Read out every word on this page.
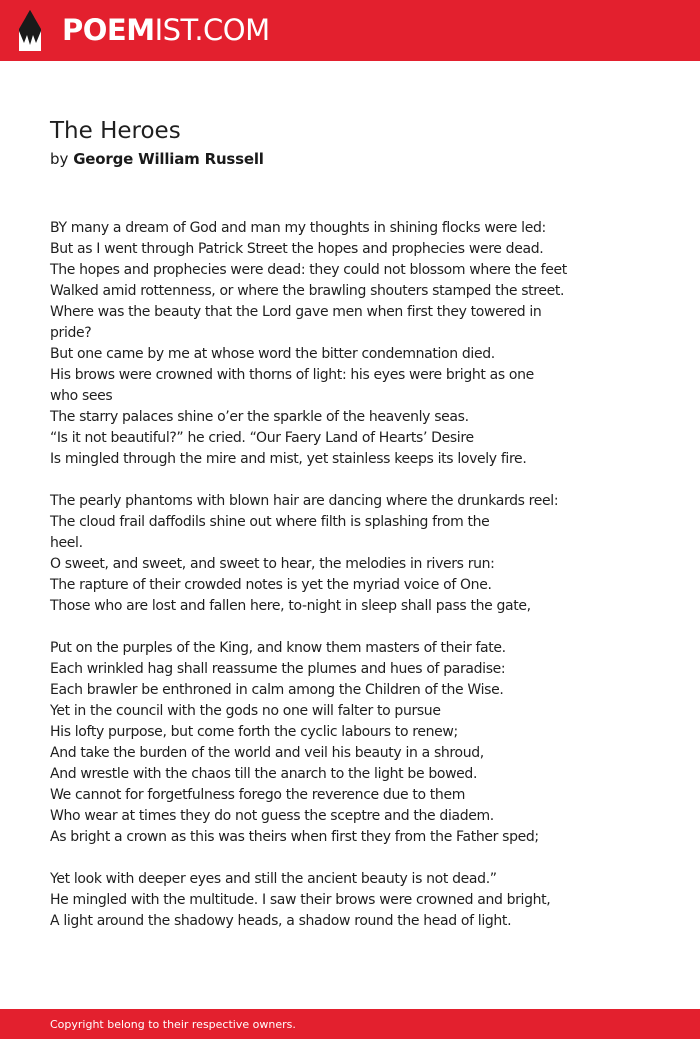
POEMIST.COM
The Heroes
by George William Russell
BY many a dream of God and man my thoughts in shining flocks were led:
But as I went through Patrick Street the hopes and prophecies were dead.
The hopes and prophecies were dead: they could not blossom where the feet
Walked amid rottenness, or where the brawling shouters stamped the street.
Where was the beauty that the Lord gave men when first they towered in
pride?
But one came by me at whose word the bitter condemnation died.
His brows were crowned with thorns of light: his eyes were bright as one
who sees
The starry palaces shine o’er the sparkle of the heavenly seas.
“Is it not beautiful?” he cried. “Our Faery Land of Hearts’ Desire
Is mingled through the mire and mist, yet stainless keeps its lovely fire.
The pearly phantoms with blown hair are dancing where the drunkards reel:
The cloud frail daffodils shine out where filth is splashing from the
heel.
O sweet, and sweet, and sweet to hear, the melodies in rivers run:
The rapture of their crowded notes is yet the myriad voice of One.
Those who are lost and fallen here, to-night in sleep shall pass the gate,
Put on the purples of the King, and know them masters of their fate.
Each wrinkled hag shall reassume the plumes and hues of paradise:
Each brawler be enthroned in calm among the Children of the Wise.
Yet in the council with the gods no one will falter to pursue
His lofty purpose, but come forth the cyclic labours to renew;
And take the burden of the world and veil his beauty in a shroud,
And wrestle with the chaos till the anarch to the light be bowed.
We cannot for forgetfulness forego the reverence due to them
Who wear at times they do not guess the sceptre and the diadem.
As bright a crown as this was theirs when first they from the Father sped;
Yet look with deeper eyes and still the ancient beauty is not dead.”
He mingled with the multitude. I saw their brows were crowned and bright,
A light around the shadowy heads, a shadow round the head of light.
Copyright belong to their respective owners.
